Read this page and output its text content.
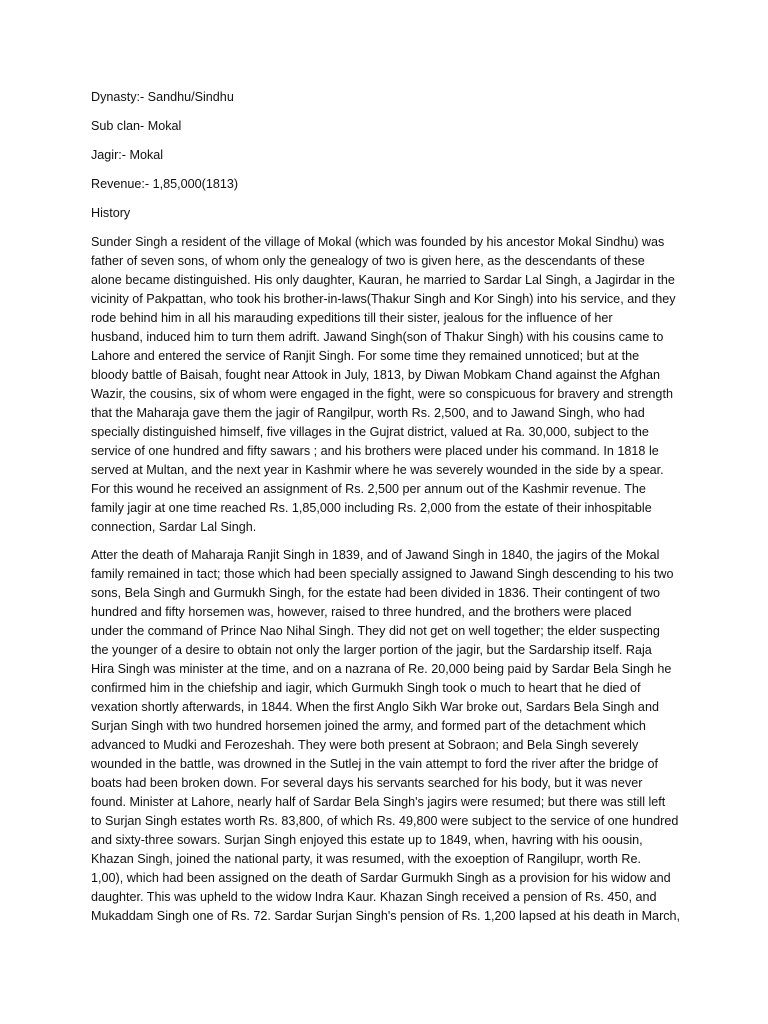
Dynasty:- Sandhu/Sindhu
Sub clan- Mokal
Jagir:- Mokal
Revenue:- 1,85,000(1813)
History

Sunder Singh a resident of the village of Mokal (which was founded by his ancestor Mokal Sindhu) was
father of seven sons, of whom only the genealogy of two is given here, as the descendants of these
alone became distinguished. His only daughter, Kauran, he married to Sardar Lal Singh, a Jagirdar in the
vicinity of Pakpattan, who took his brother-in-laws(Thakur Singh and Kor Singh) into his service, and they
rode behind him in all his marauding expeditions till their sister, jealous for the influence of her
husband, induced him to turn them adrift. Jawand Singh(son of Thakur Singh) with his cousins came to
Lahore and entered the service of Ranjit Singh. For some time they remained unnoticed; but at the
bloody battle of Baisah, fought near Attook in July, 1813, by Diwan Mobkam Chand against the Afghan
Wazir, the cousins, six of whom were engaged in the fight, were so conspicuous for bravery and strength
that the Maharaja gave them the jagir of Rangilpur, worth Rs. 2,500, and to Jawand Singh, who had
specially distinguished himself, five villages in the Gujrat district, valued at Ra. 30,000, subject to the
service of one hundred and fifty sawars ; and his brothers were placed under his command. In 1818 le
served at Multan, and the next year in Kashmir where he was severely wounded in the side by a spear.
For this wound he received an assignment of Rs. 2,500 per annum out of the Kashmir revenue. The
family jagir at one time reached Rs. 1,85,000 including Rs. 2,000 from the estate of their inhospitable
connection, Sardar Lal Singh.

Atter the death of Maharaja Ranjit Singh in 1839, and of Jawand Singh in 1840, the jagirs of the Mokal
family remained in tact; those which had been specially assigned to Jawand Singh descending to his two
sons, Bela Singh and Gurmukh Singh, for the estate had been divided in 1836. Their contingent of two
hundred and fifty horsemen was, however, raised to three hundred, and the brothers were placed
under the command of Prince Nao Nihal Singh. They did not get on well together; the elder suspecting
the younger of a desire to obtain not only the larger portion of the jagir, but the Sardarship itself. Raja
Hira Singh was minister at the time, and on a nazrana of Re. 20,000 being paid by Sardar Bela Singh he
confirmed him in the chiefship and iagir, which Gurmukh Singh took o much to heart that he died of
vexation shortly afterwards, in 1844. When the first Anglo Sikh War broke out, Sardars Bela Singh and
Surjan Singh with two hundred horsemen joined the army, and formed part of the detachment which
advanced to Mudki and Ferozeshah. They were both present at Sobraon; and Bela Singh severely
wounded in the battle, was drowned in the Sutlej in the vain attempt to ford the river after the bridge of
boats had been broken down. For several days his servants searched for his body, but it was never
found. Minister at Lahore, nearly half of Sardar Bela Singh's jagirs were resumed; but there was still left
to Surjan Singh estates worth Rs. 83,800, of which Rs. 49,800 were subject to the service of one hundred
and sixty-three sowars. Surjan Singh enjoyed this estate up to 1849, when, havring with his oousin,
Khazan Singh, joined the national party, it was resumed, with the exoeption of Rangilupr, worth Re.
1,00), which had been assigned on the death of Sardar Gurmukh Singh as a provision for his widow and
daughter. This was upheld to the widow Indra Kaur. Khazan Singh received a pension of Rs. 450, and
Mukaddam Singh one of Rs. 72. Sardar Surjan Singh's pension of Rs. 1,200 lapsed at his death in March,
